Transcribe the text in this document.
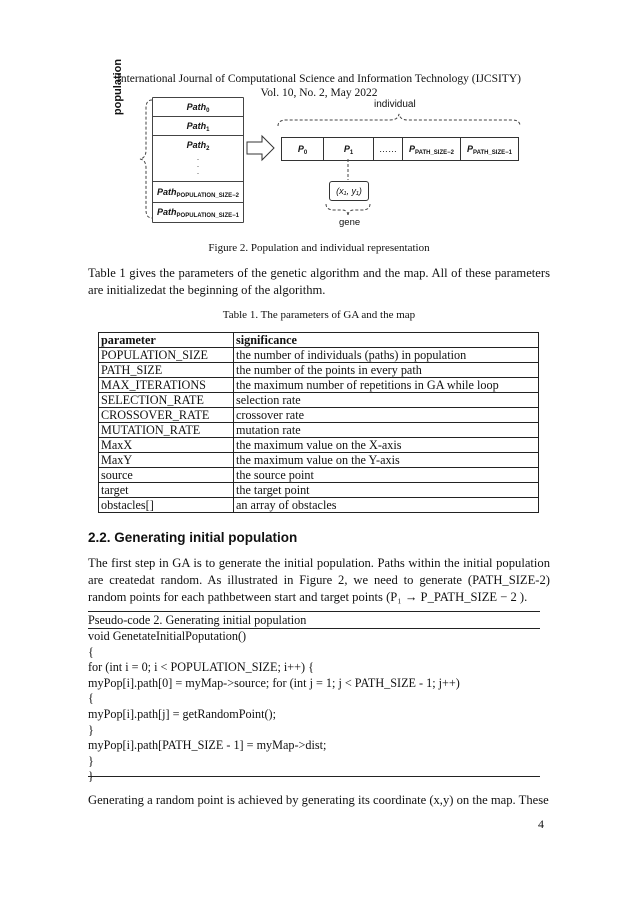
International Journal of Computational Science and Information Technology (IJCSITY)
Vol. 10, No. 2, May 2022
population	Path$_0$
Path$_1$
Path$_2$
·
·
·
Path$_{POPULATION\_SIZE-2}$
Path$_{POPULATION\_SIZE-1}$
individual
$P_0$	$P_1$	……	$P_{PATH\_SIZE-2}$	$P_{PATH\_SIZE-1}$
(x₁, y₁)
gene
Figure 2. Population and individual representation
Table 1 gives the parameters of the genetic algorithm and the map. All of these parameters are initializedat the beginning of the algorithm.
Table 1. The parameters of GA and the map
parameter	significance
POPULATION_SIZE	the number of individuals (paths) in population
PATH_SIZE	the number of the points in every path
MAX_ITERATIONS	the maximum number of repetitions in GA while loop
SELECTION_RATE	selection rate
CROSSOVER_RATE	crossover rate
MUTATION_RATE	mutation rate
MaxX	the maximum value on the X-axis
MaxY	the maximum value on the Y-axis
source	the source point
target	the target point
obstacles[]	an array of obstacles
2.2. Generating initial population
The first step in GA is to generate the initial population. Paths within the initial population are createdat random. As illustrated in Figure 2, we need to generate (PATH_SIZE-2) random points for each pathbetween start and target points (P₁ → P_PATH_SIZE − 2 ).
Pseudo-code 2. Generating initial population
void GenetateInitialPoputation()
{
for (int i = 0; i < POPULATION_SIZE; i++) {
myPop[i].path[0] = myMap->source; for (int j = 1; j < PATH_SIZE - 1; j++)
{
myPop[i].path[j] = getRandomPoint();
}
myPop[i].path[PATH_SIZE - 1] = myMap->dist;
}
Generating a random point is achieved by generating its coordinate (x,y) on the map. These
4
